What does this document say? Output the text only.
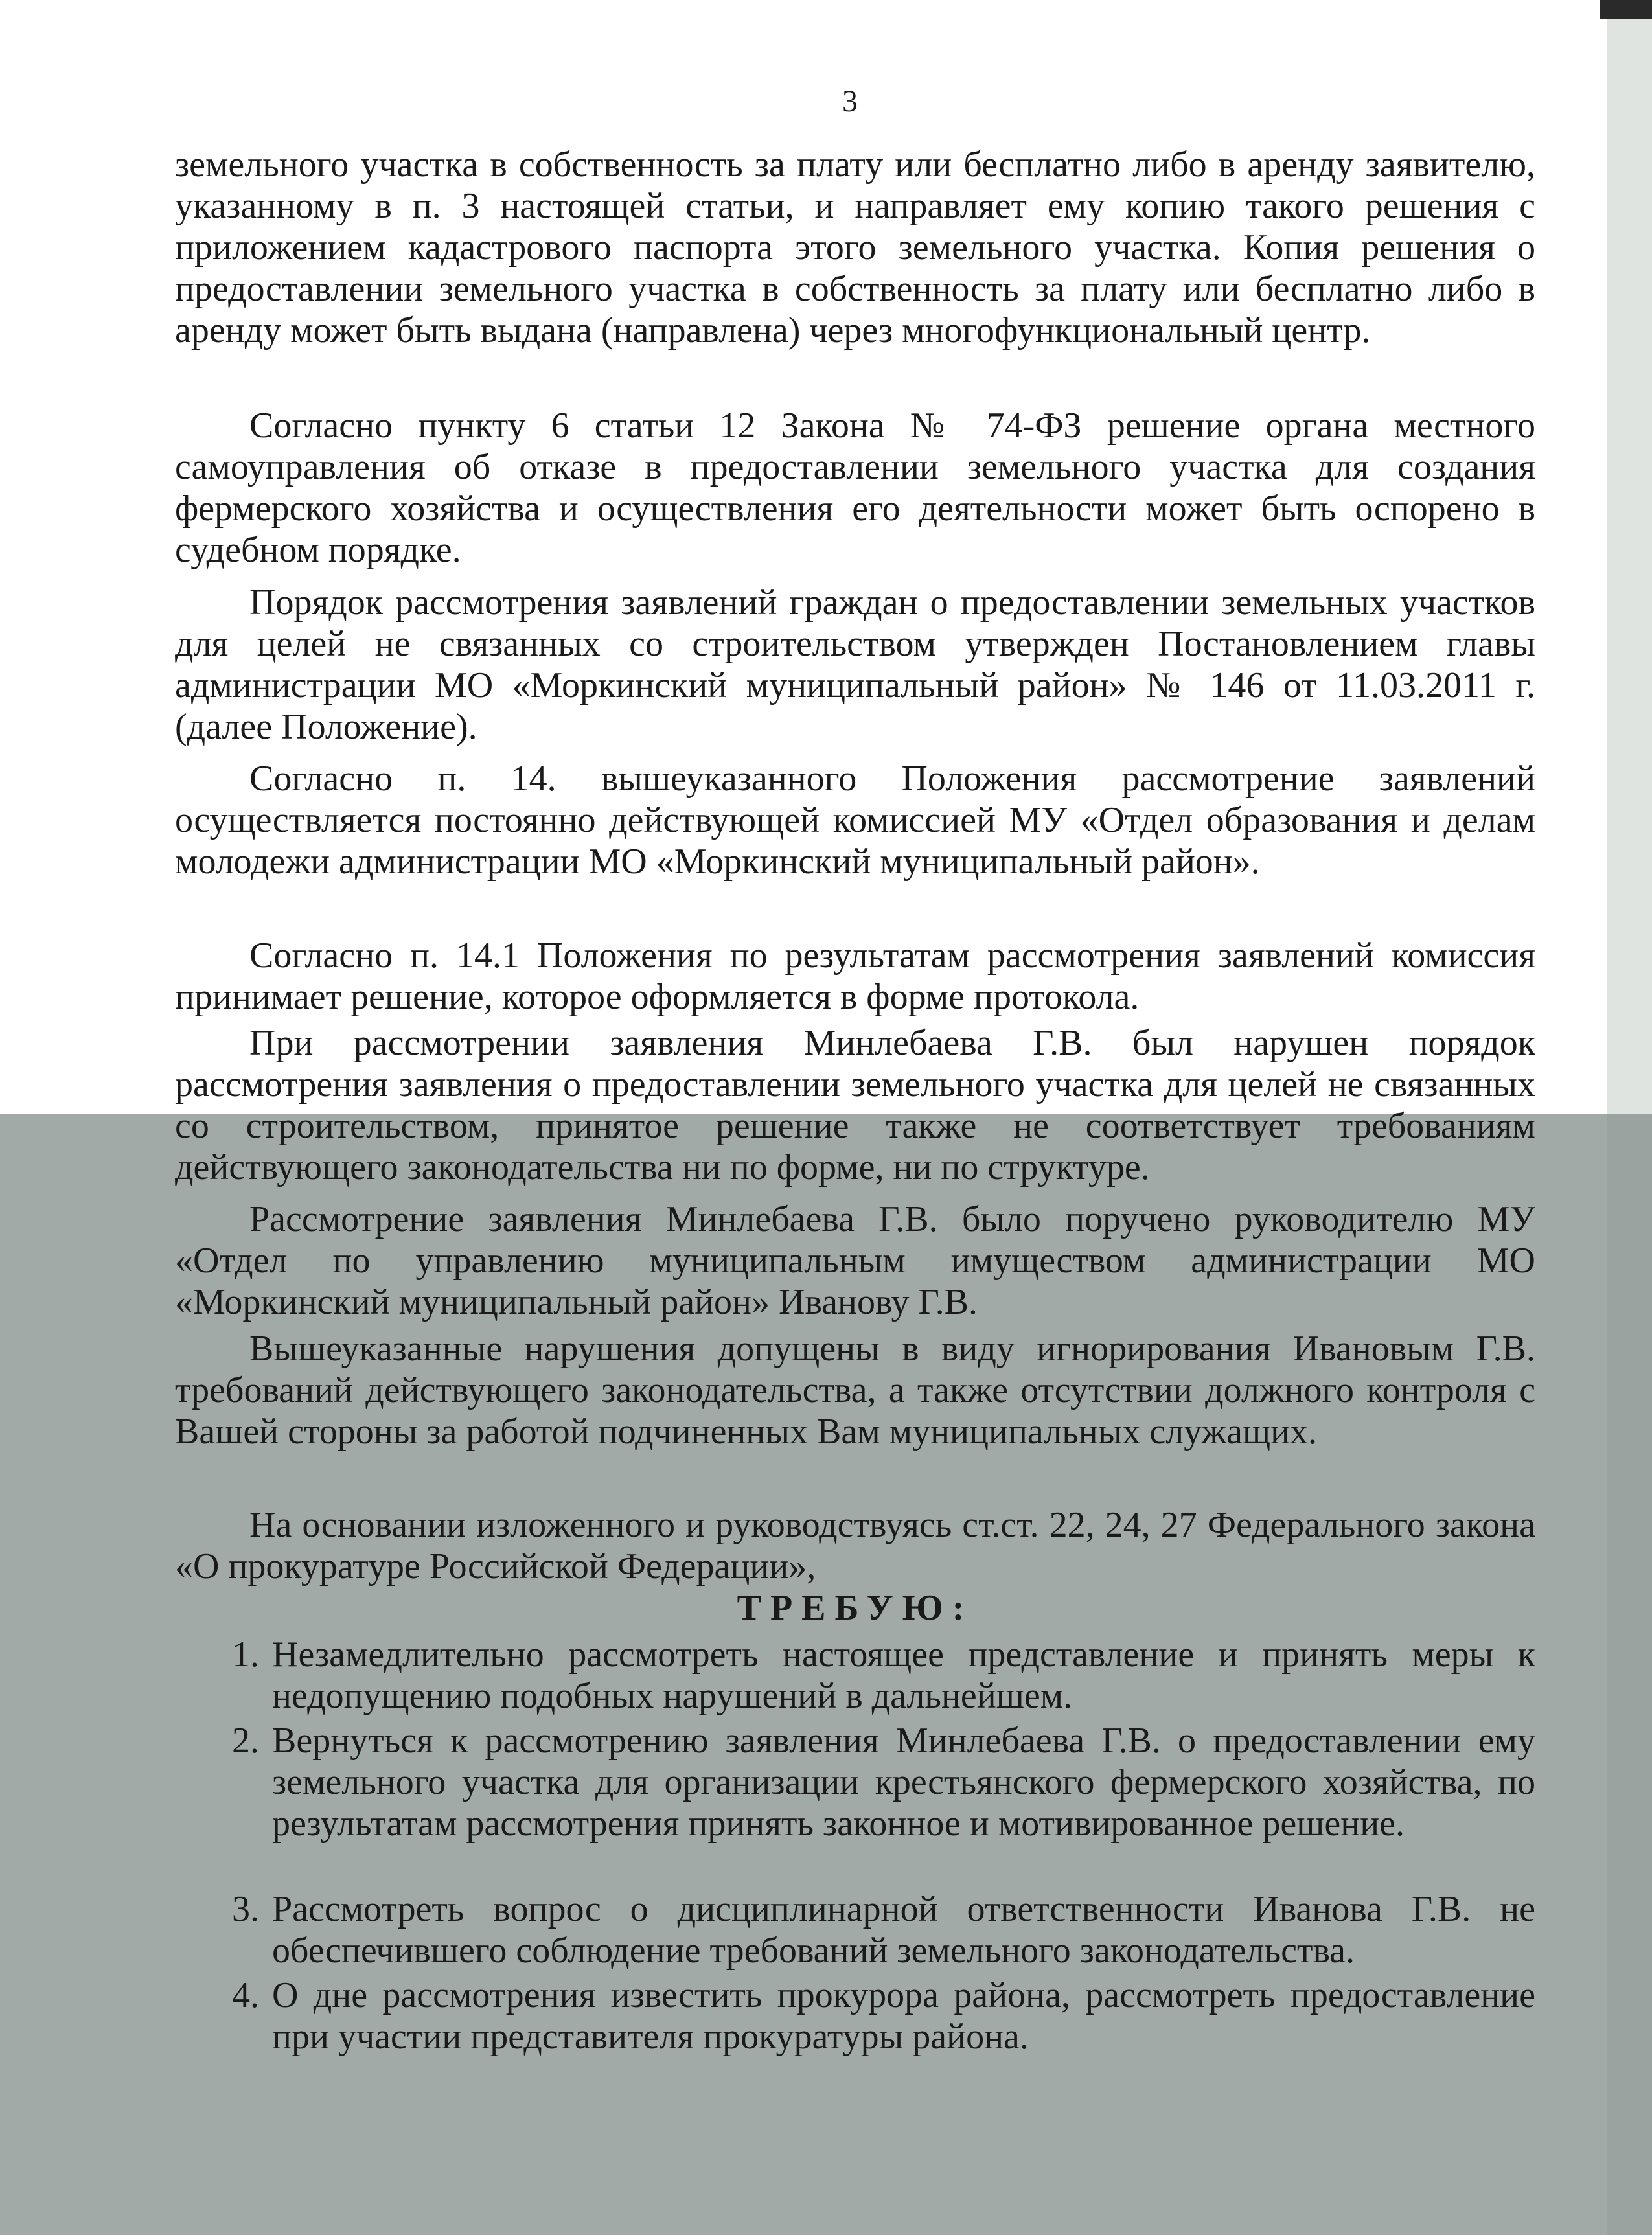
3

земельного участка в собственность за плату или бесплатно либо в аренду заявителю, указанному в п. 3 настоящей статьи, и направляет ему копию такого решения с приложением кадастрового паспорта этого земельного участка. Копия решения о предоставлении земельного участка в собственность за плату или бесплатно либо в аренду может быть выдана (направлена) через многофункциональный центр.

Согласно пункту 6 статьи 12 Закона № 74-ФЗ решение органа местного самоуправления об отказе в предоставлении земельного участка для создания фермерского хозяйства и осуществления его деятельности может быть оспорено в судебном порядке.

Порядок рассмотрения заявлений граждан о предоставлении земельных участков для целей не связанных со строительством утвержден Постановлением главы администрации МО «Моркинский муниципальный район» № 146 от 11.03.2011 г. (далее Положение).

Согласно п. 14. вышеуказанного Положения рассмотрение заявлений осуществляется постоянно действующей комиссией МУ «Отдел образования и делам молодежи администрации МО «Моркинский муниципальный район».

Согласно п. 14.1 Положения по результатам рассмотрения заявлений комиссия принимает решение, которое оформляется в форме протокола.

При рассмотрении заявления Минлебаева Г.В. был нарушен порядок рассмотрения заявления о предоставлении земельного участка для целей не связанных со строительством, принятое решение также не соответствует требованиям действующего законодательства ни по форме, ни по структуре.

Рассмотрение заявления Минлебаева Г.В. было поручено руководителю МУ «Отдел по управлению муниципальным имуществом администрации МО «Моркинский муниципальный район» Иванову Г.В.

Вышеуказанные нарушения допущены в виду игнорирования Ивановым Г.В. требований действующего законодательства, а также отсутствии должного контроля с Вашей стороны за работой подчиненных Вам муниципальных служащих.

На основании изложенного и руководствуясь ст.ст. 22, 24, 27 Федерального закона «О прокуратуре Российской Федерации»,

ТРЕБУЮ:
1. Незамедлительно рассмотреть настоящее представление и принять меры к недопущению подобных нарушений в дальнейшем.

2. Вернуться к рассмотрению заявления Минлебаева Г.В. о предоставлении ему земельного участка для организации крестьянского фермерского хозяйства, по результатам рассмотрения принять законное и мотивированное решение.

3. Рассмотреть вопрос о дисциплинарной ответственности Иванова Г.В. не обеспечившего соблюдение требований земельного законодательства.

4. О дне рассмотрения известить прокурора района, рассмотреть предоставление при участии представителя прокуратуры района.
